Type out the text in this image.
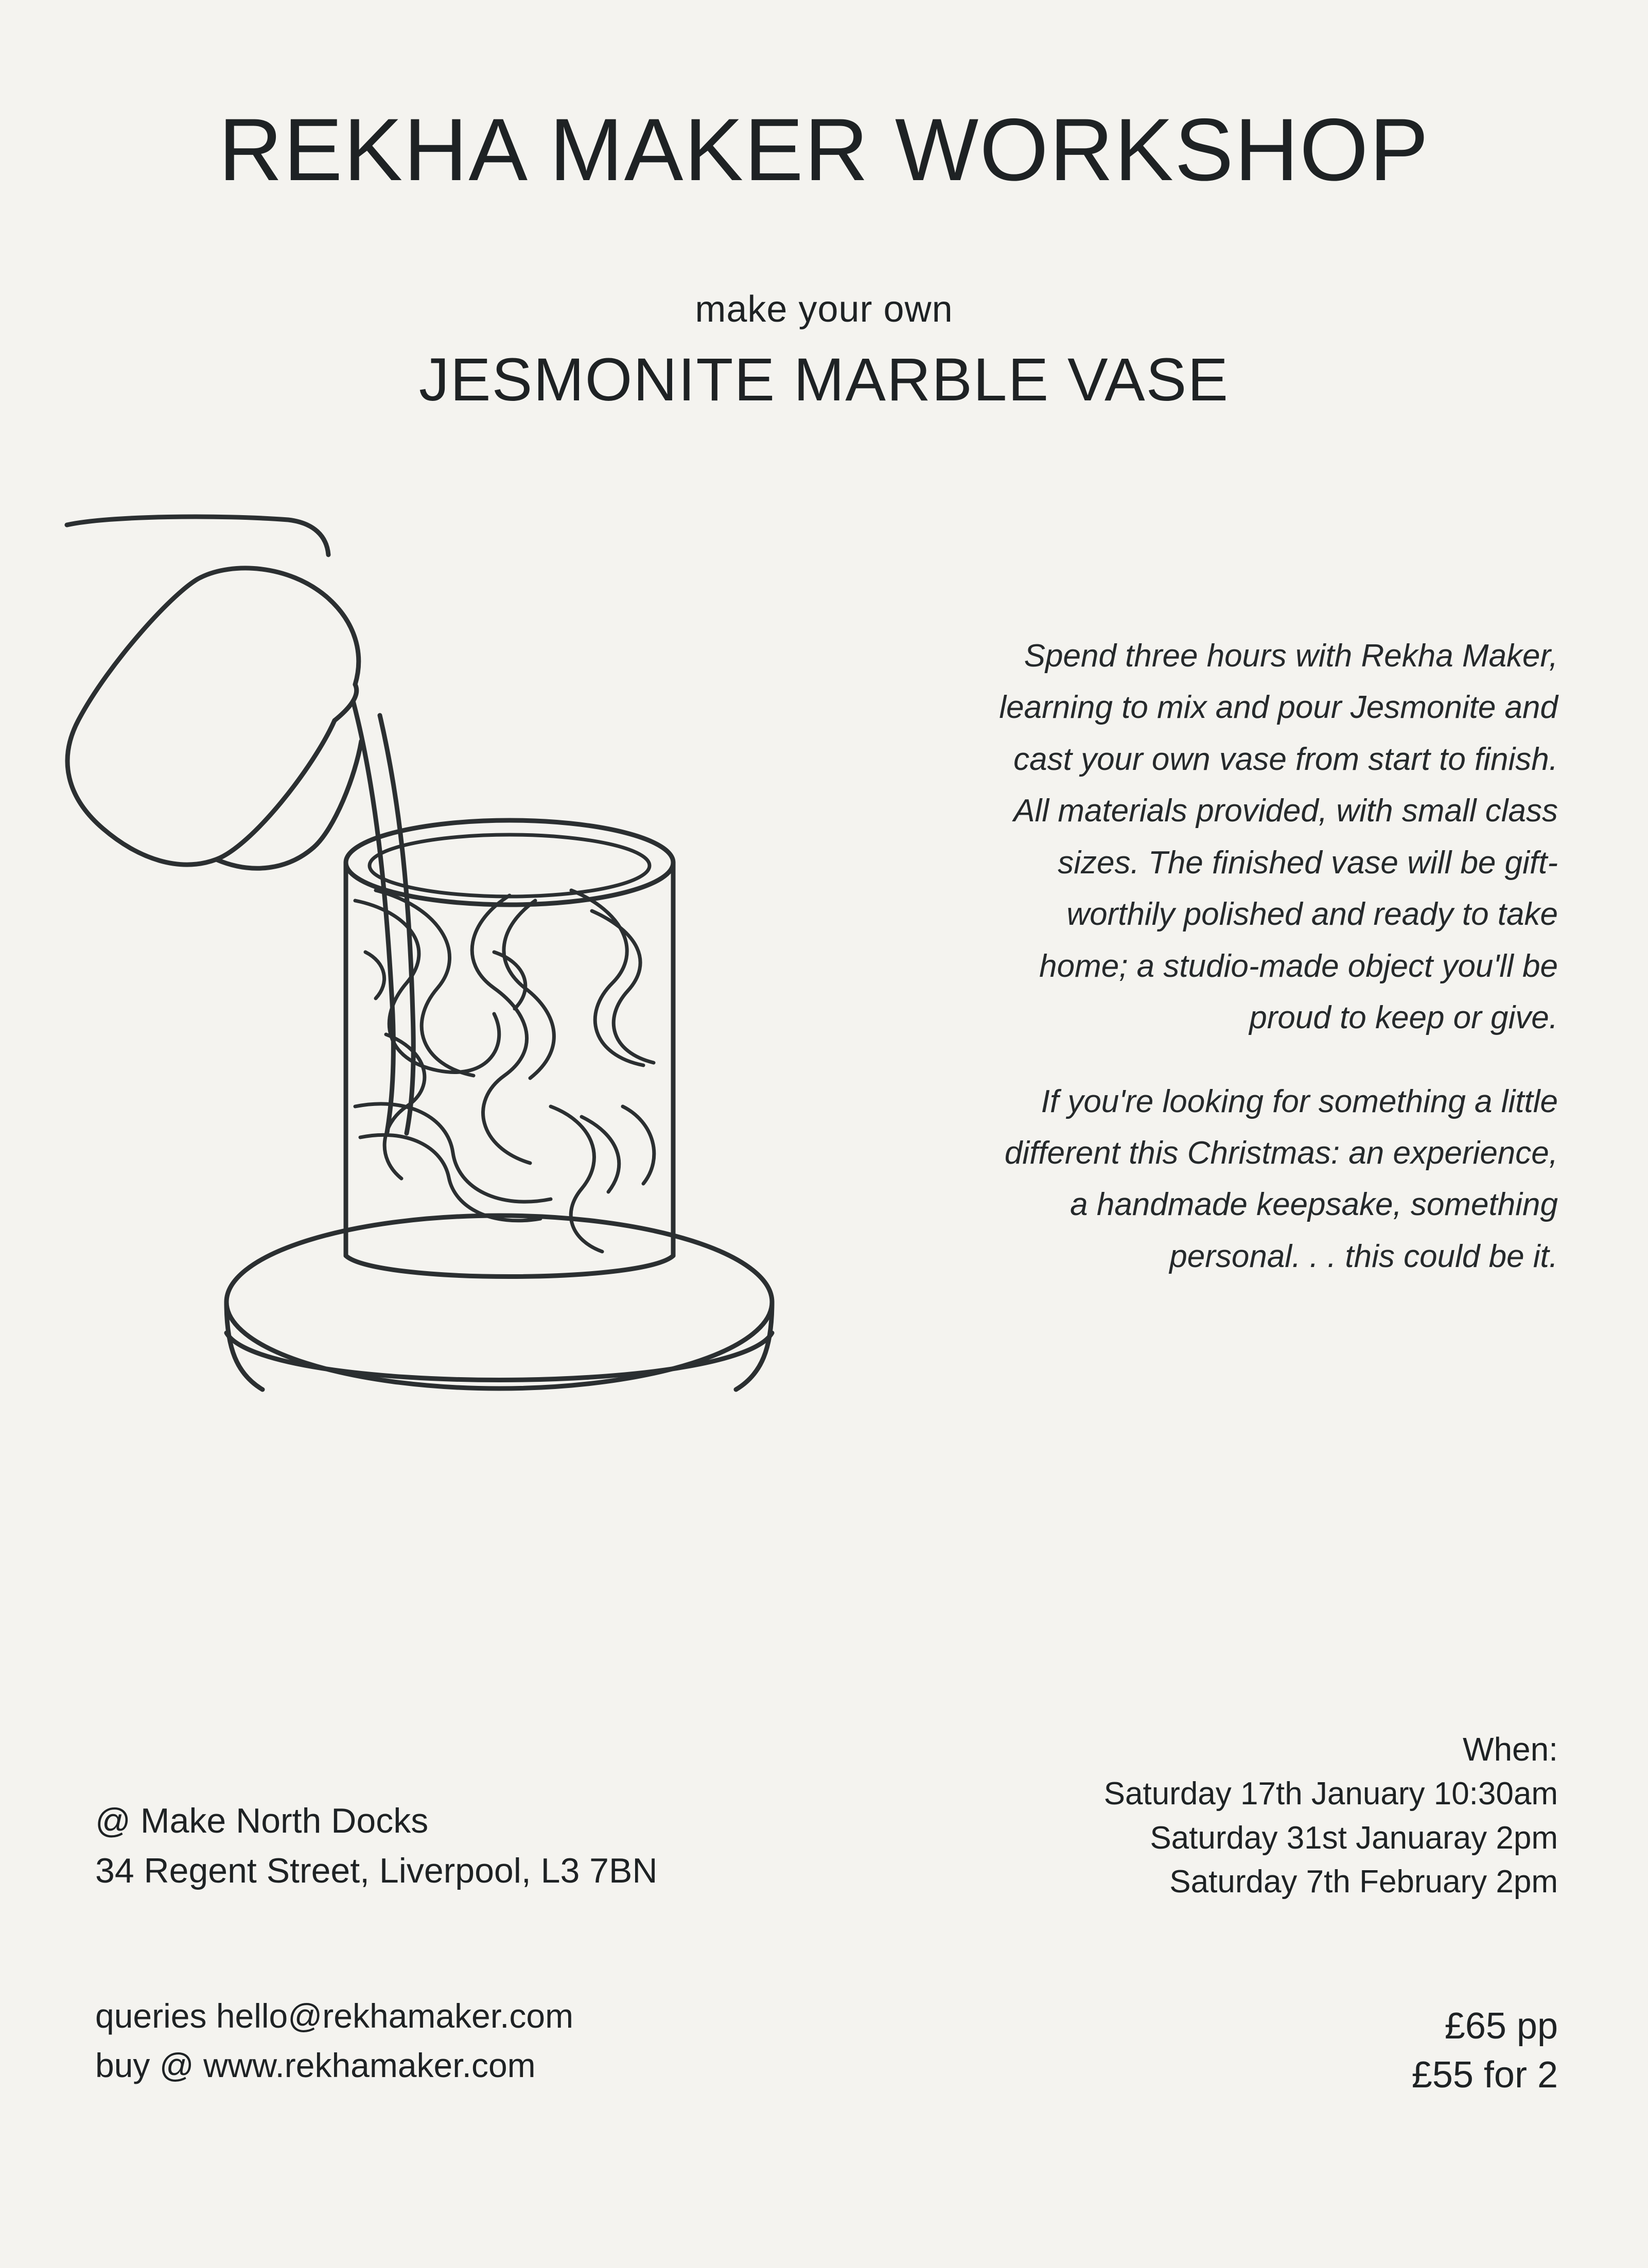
REKHA MAKER WORKSHOP
make your own
JESMONITE MARBLE VASE

Spend three hours with Rekha Maker, learning to mix and pour Jesmonite and cast your own vase from start to finish. All materials provided, with small class sizes. The finished vase will be gift-worthily polished and ready to take home; a studio-made object you'll be proud to keep or give.

If you're looking for something a little different this Christmas: an experience, a handmade keepsake, something personal. . . this could be it.

When:
Saturday 17th January 10:30am
Saturday 31st Januaray 2pm
Saturday 7th February 2pm
£65 pp
£55 for 2
@ Make North Docks
34 Regent Street, Liverpool, L3 7BN
queries hello@rekhamaker.com
buy @ www.rekhamaker.com
